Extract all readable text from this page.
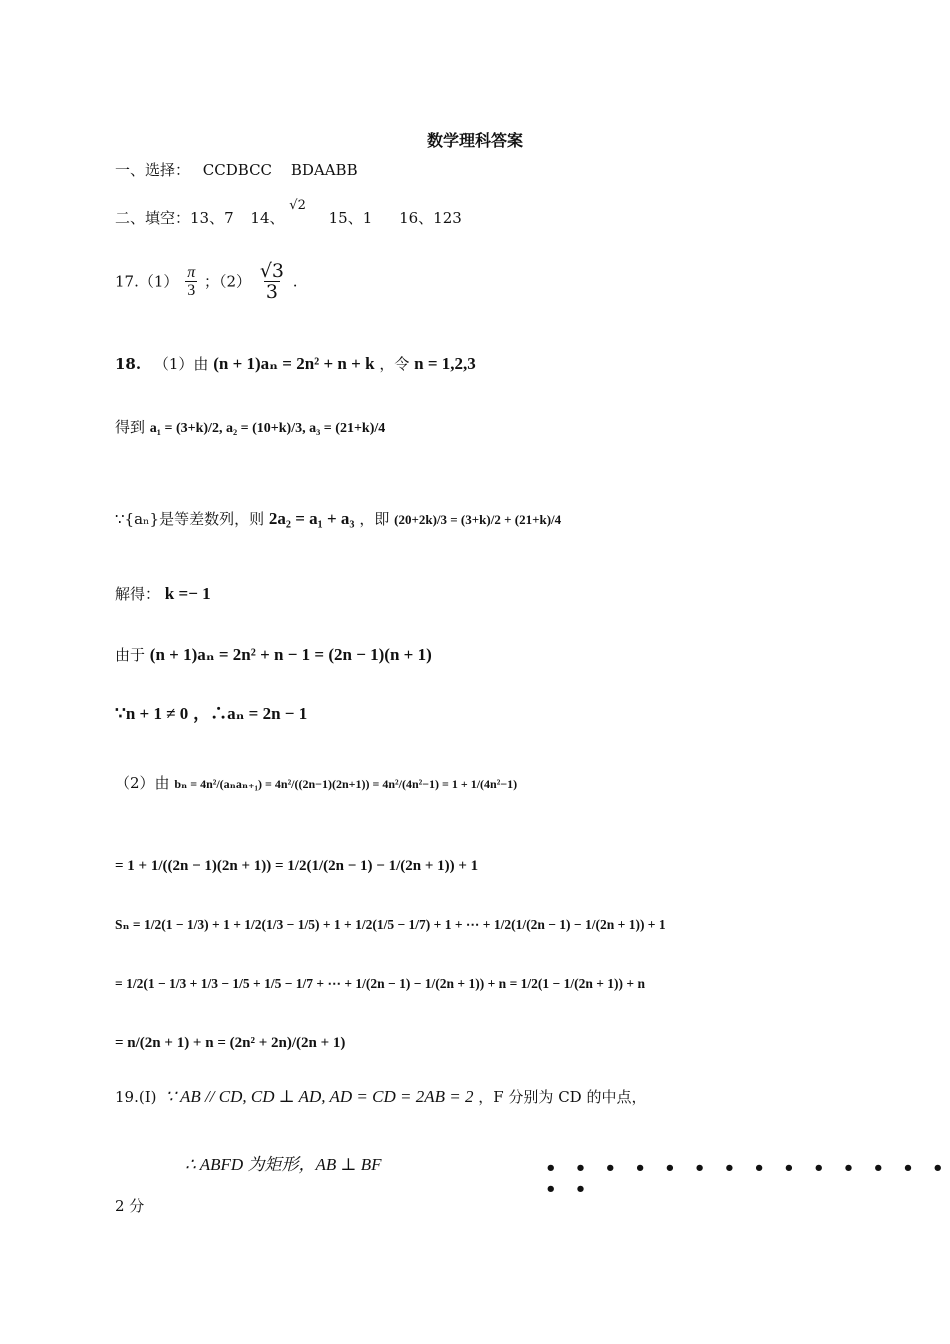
数学理科答案
一、选择： CCDBCC BDAABB
二、填空：13、7 14、 √2 15、1 16、123
$17.(1) \frac{\pi}{3}$ ；$(2) \frac{√3}{3}$ .
18. （1）由 (n + 1)aₙ = 2n² + n + k ，令 n = 1,2,3
得到 a₁ = (3+k)/2, a₂ = (10+k)/3, a₃ = (21+k)/4
∵{aₙ}是等差数列，则 2a₂ = a₁ + a₃ ，即 (20+2k)/3 = (3+k)/2 + (21+k)/4
解得： k =− 1
由于 (n + 1)aₙ = 2n² + n − 1 = (2n − 1)(n + 1)
∵n + 1 ≠ 0 ，∴aₙ = 2n − 1
（2）由 bₙ = 4n²/(aₙaₙ₊₁) = 4n²/((2n−1)(2n+1)) = 4n²/(4n²−1) = 1 + 1/(4n²−1)
= 1 + 1/((2n − 1)(2n + 1)) = 1/2(1/(2n − 1) − 1/(2n + 1)) + 1
Sₙ = 1/2(1 − 1/3) + 1 + 1/2(1/3 − 1/5) + 1 + 1/2(1/5 − 1/7) + 1 + ⋯ + 1/2(1/(2n − 1) − 1/(2n + 1)) + 1
= 1/2(1 − 1/3 + 1/3 − 1/5 + 1/5 − 1/7 + ⋯ + 1/(2n − 1) − 1/(2n + 1)) + n = 1/2(1 − 1/(2n + 1)) + n
= n/(2n + 1) + n = (2n² + 2n)/(2n + 1)
19.(Ⅰ) ∵ AB // CD, CD ⊥ AD, AD = CD = 2AB = 2 ，F 分别为 CD 的中点，
∴ ABFD 为矩形，AB ⊥ BF	• • • • • • • • • • • • • • • •
2 分
